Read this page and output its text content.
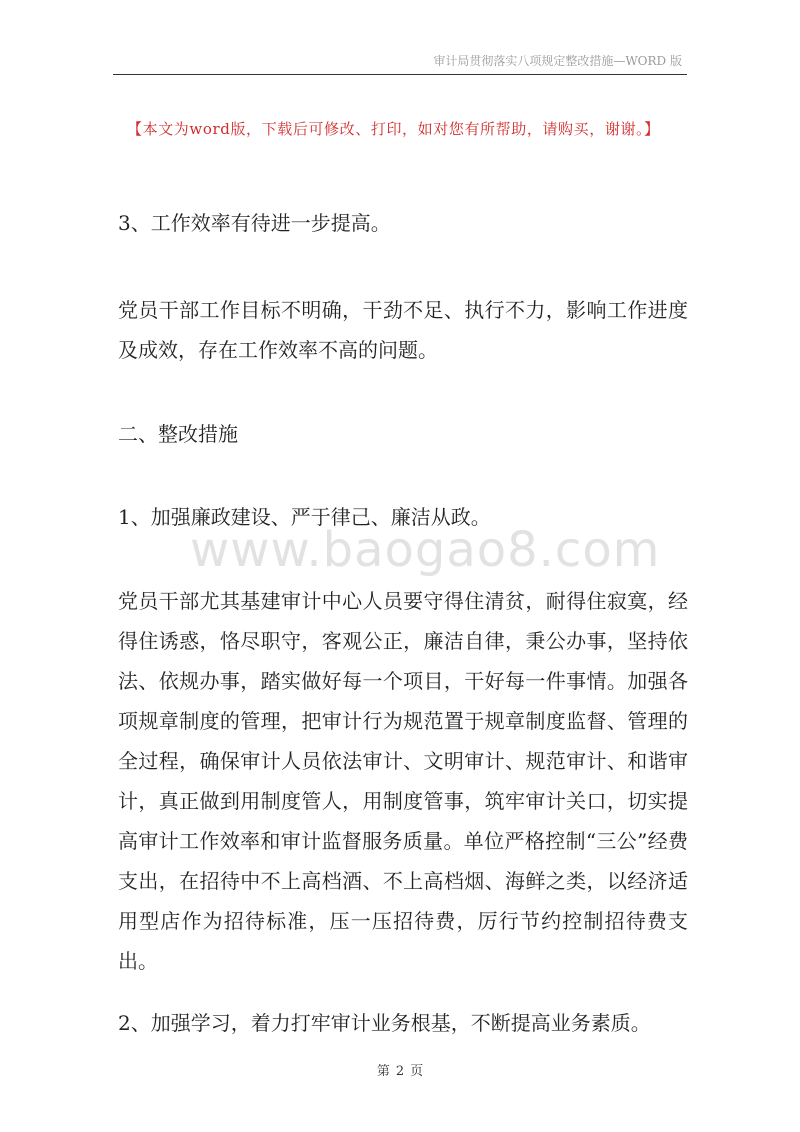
审计局贯彻落实八项规定整改措施—WORD 版
【本文为word版，下载后可修改、打印，如对您有所帮助，请购买，谢谢。】
www.baogao8.com
3、工作效率有待进一步提高。
党员干部工作目标不明确，干劲不足、执行不力，影响工作进度及成效，存在工作效率不高的问题。
二、整改措施
1、加强廉政建设、严于律己、廉洁从政。
党员干部尤其基建审计中心人员要守得住清贫，耐得住寂寞，经得住诱惑，恪尽职守，客观公正，廉洁自律，秉公办事，坚持依法、依规办事，踏实做好每一个项目，干好每一件事情。加强各项规章制度的管理，把审计行为规范置于规章制度监督、管理的全过程，确保审计人员依法审计、文明审计、规范审计、和谐审计，真正做到用制度管人，用制度管事，筑牢审计关口，切实提高审计工作效率和审计监督服务质量。单位严格控制“三公”经费支出，在招待中不上高档酒、不上高档烟、海鲜之类，以经济适用型店作为招待标准，压一压招待费，厉行节约控制招待费支出。
2、加强学习，着力打牢审计业务根基，不断提高业务素质。
第 2 页
